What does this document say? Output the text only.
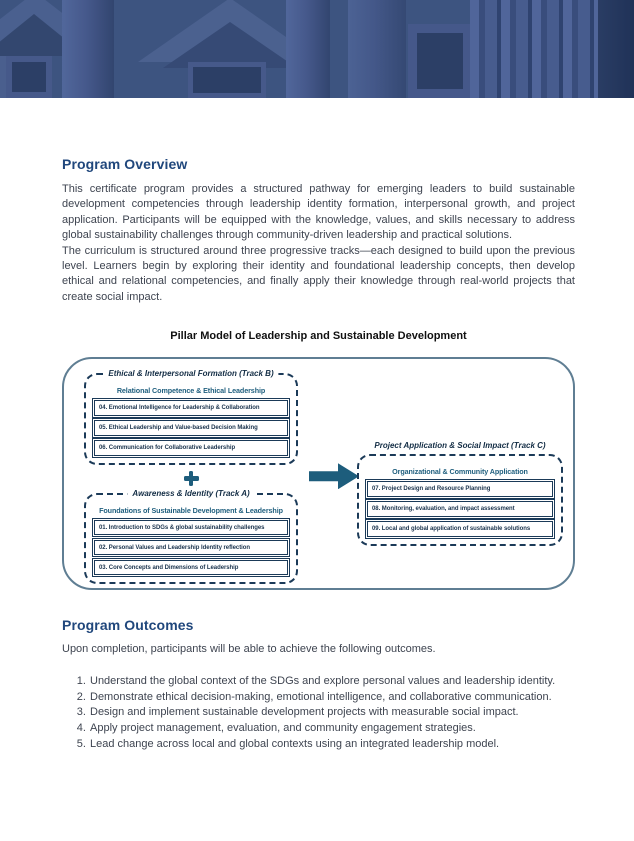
Program Overview

This certificate program provides a structured pathway for emerging leaders to build sustainable development competencies through leadership identity formation, interpersonal growth, and project application. Participants will be equipped with the knowledge, values, and skills necessary to address global sustainability challenges through community-driven leadership and practical solutions.

The curriculum is structured around three progressive tracks—each designed to build upon the previous level. Learners begin by exploring their identity and foundational leadership concepts, then develop ethical and relational competencies, and finally apply their knowledge through real-world projects that create social impact.

Pillar Model of Leadership and Sustainable Development
Ethical & Interpersonal Formation (Track B)
Relational Competence & Ethical Leadership
04. Emotional Intelligence for Leadership & Collaboration
05. Ethical Leadership and Value-based Decision Making
06. Communication for Collaborative Leadership
Awareness & Identity (Track A)
Foundations of Sustainable Development & Leadership
01. Introduction to SDGs & global sustainability challenges
02. Personal Values and Leadership Identity reflection
03. Core Concepts and Dimensions of Leadership
Project Application & Social Impact (Track C)
Organizational & Community Application
07. Project Design and Resource Planning
08. Monitoring, evaluation, and impact assessment
09. Local and global application of sustainable solutions
Program Outcomes

Upon completion, participants will be able to achieve the following outcomes.

1. Understand the global context of the SDGs and explore personal values and leadership identity.
2. Demonstrate ethical decision-making, emotional intelligence, and collaborative communication.
3. Design and implement sustainable development projects with measurable social impact.
4. Apply project management, evaluation, and community engagement strategies.
5. Lead change across local and global contexts using an integrated leadership model.
